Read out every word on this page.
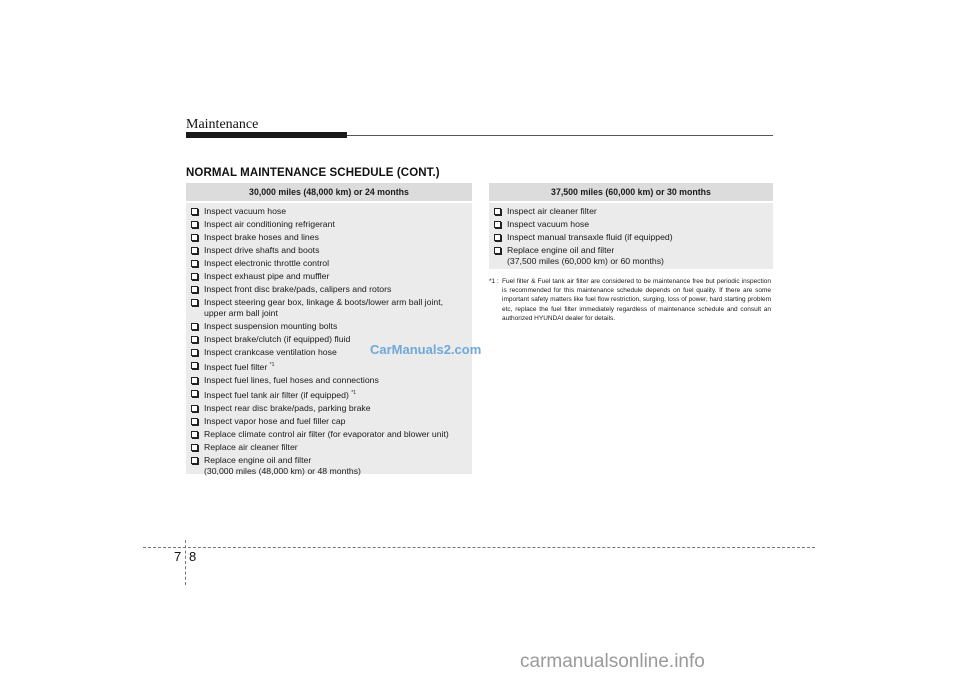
Maintenance
NORMAL MAINTENANCE SCHEDULE (CONT.)
30,000 miles (48,000 km) or 24 months
Inspect vacuum hose
Inspect air conditioning refrigerant
Inspect brake hoses and lines
Inspect drive shafts and boots
Inspect electronic throttle control
Inspect exhaust pipe and muffler
Inspect front disc brake/pads, calipers and rotors
Inspect steering gear box, linkage & boots/lower arm ball joint,
upper arm ball joint
Inspect suspension mounting bolts
Inspect brake/clutch (if equipped) fluid
Inspect crankcase ventilation hose
Inspect fuel filter $^{*1}$
Inspect fuel lines, fuel hoses and connections
Inspect fuel tank air filter (if equipped) $^{*1}$
Inspect rear disc brake/pads, parking brake
Inspect vapor hose and fuel filler cap
Replace climate control air filter (for evaporator and blower unit)
Replace air cleaner filter
Replace engine oil and filter
(30,000 miles (48,000 km) or 48 months)
37,500 miles (60,000 km) or 30 months
Inspect air cleaner filter
Inspect vacuum hose
Inspect manual transaxle fluid (if equipped)
Replace engine oil and filter
(37,500 miles (60,000 km) or 60 months)
*1 : Fuel filter & Fuel tank air filter are considered to be maintenance free but periodic inspection is recommended for this maintenance schedule depends on fuel quality. If there are some important safety matters like fuel flow restriction, surging, loss of power, hard starting problem etc, replace the fuel filter immediately regardless of maintenance schedule and consult an authorized HYUNDAI dealer for details.
CarManuals2.com
carmanualsonline.info
7 8
